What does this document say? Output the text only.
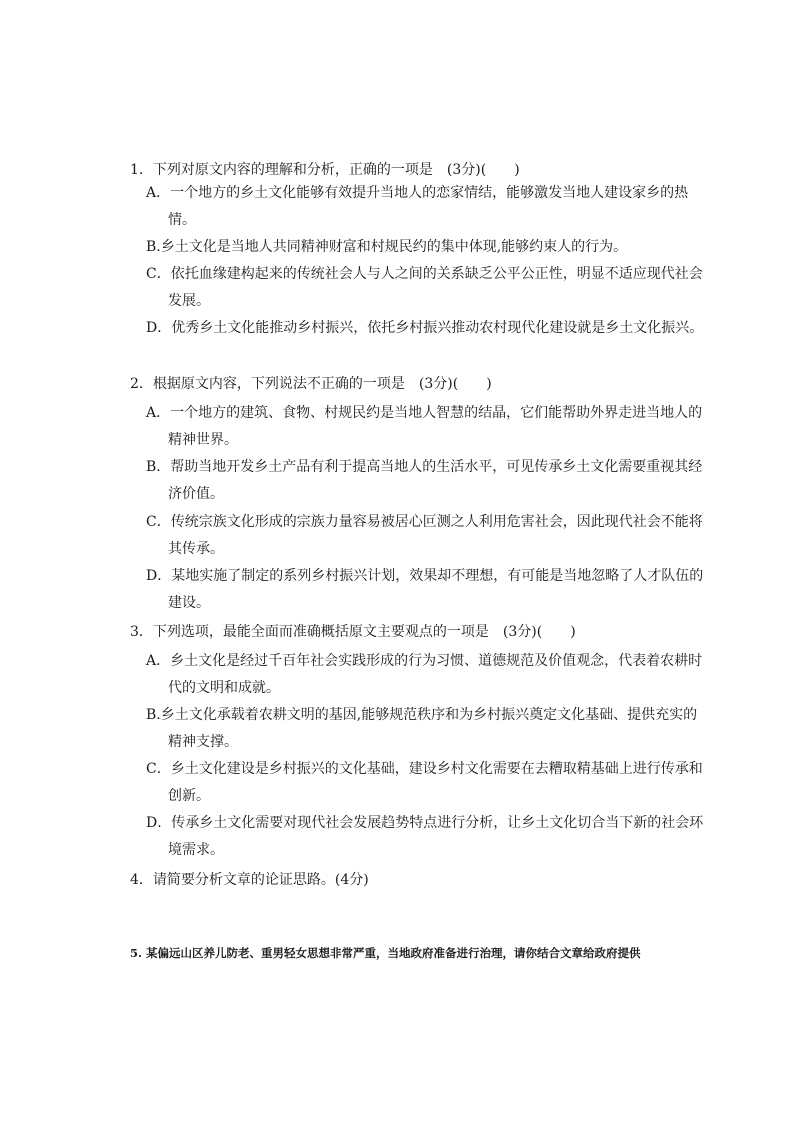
1．下列对原文内容的理解和分析，正确的一项是　(3分)(　　)
A．一个地方的乡土文化能够有效提升当地人的恋家情结，能够激发当地人建设家乡的热情。
B.乡土文化是当地人共同精神财富和村规民约的集中体现,能够约束人的行为。
C．依托血缘建构起来的传统社会人与人之间的关系缺乏公平公正性，明显不适应现代社会发展。
D．优秀乡土文化能推动乡村振兴，依托乡村振兴推动农村现代化建设就是乡土文化振兴。
2．根据原文内容，下列说法不正确的一项是　(3分)(　　)
A．一个地方的建筑、食物、村规民约是当地人智慧的结晶，它们能帮助外界走进当地人的精神世界。
B．帮助当地开发乡土产品有利于提高当地人的生活水平，可见传承乡土文化需要重视其经济价值。
C．传统宗族文化形成的宗族力量容易被居心叵测之人利用危害社会，因此现代社会不能将其传承。
D．某地实施了制定的系列乡村振兴计划，效果却不理想，有可能是当地忽略了人才队伍的建设。
3．下列选项，最能全面而准确概括原文主要观点的一项是　(3分)(　　)
A．乡土文化是经过千百年社会实践形成的行为习惯、道德规范及价值观念，代表着农耕时代的文明和成就。
B.乡土文化承载着农耕文明的基因,能够规范秩序和为乡村振兴奠定文化基础、提供充实的精神支撑。
C．乡土文化建设是乡村振兴的文化基础，建设乡村文化需要在去糟取精基础上进行传承和创新。
D．传承乡土文化需要对现代社会发展趋势特点进行分析，让乡土文化切合当下新的社会环境需求。
4．请简要分析文章的论证思路。(4分)
5. 某偏远山区养儿防老、重男轻女思想非常严重，当地政府准备进行治理，请你结合文章给政府提供
